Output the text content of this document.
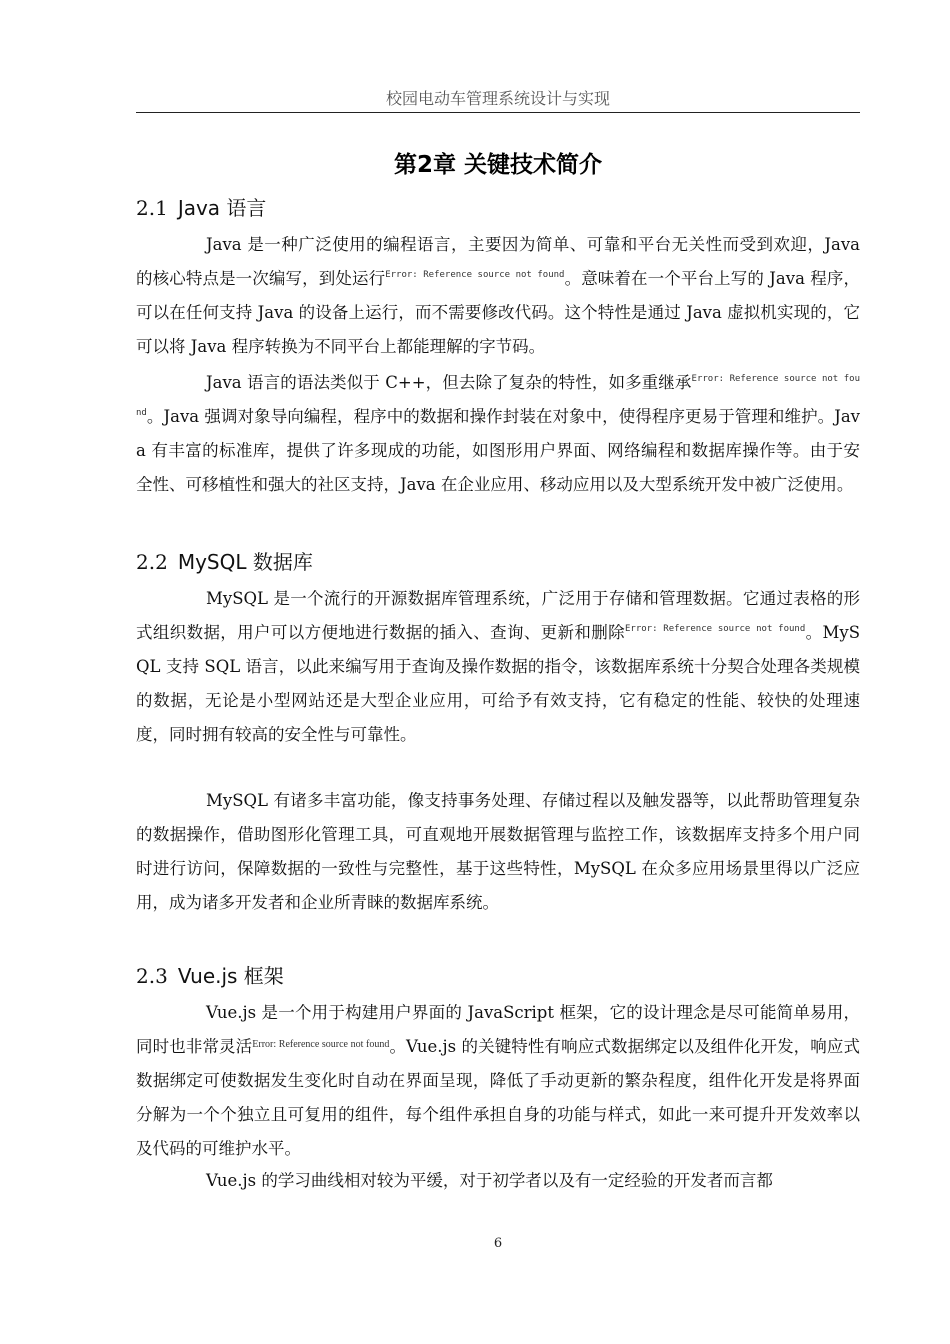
校园电动车管理系统设计与实现
第2章 关键技术简介
2.1 Java 语言

Java 是一种广泛使用的编程语言，主要因为简单、可靠和平台无关性而受到欢迎，Java 的核心特点是一次编写，到处运行$^{Error: Reference source not found}$。意味着在一个平台上写的 Java 程序，可以在任何支持 Java 的设备上运行，而不需要修改代码。这个特性是通过 Java 虚拟机实现的，它可以将 Java 程序转换为不同平台上都能理解的字节码。

Java 语言的语法类似于 C++，但去除了复杂的特性，如多重继承$^{Error: Reference source not found}$。Java 强调对象导向编程，程序中的数据和操作封装在对象中，使得程序更易于管理和维护。Java 有丰富的标准库，提供了许多现成的功能，如图形用户界面、网络编程和数据库操作等。由于安全性、可移植性和强大的社区支持，Java 在企业应用、移动应用以及大型系统开发中被广泛使用。

2.2 MySQL 数据库

MySQL 是一个流行的开源数据库管理系统，广泛用于存储和管理数据。它通过表格的形式组织数据，用户可以方便地进行数据的插入、查询、更新和删除$^{Error: Reference source not found}$。MySQL 支持 SQL 语言，以此来编写用于查询及操作数据的指令，该数据库系统十分契合处理各类规模的数据，无论是小型网站还是大型企业应用，可给予有效支持，它有稳定的性能、较快的处理速度，同时拥有较高的安全性与可靠性。

MySQL 有诸多丰富功能，像支持事务处理、存储过程以及触发器等，以此帮助管理复杂的数据操作，借助图形化管理工具，可直观地开展数据管理与监控工作，该数据库支持多个用户同时进行访问，保障数据的一致性与完整性，基于这些特性，MySQL 在众多应用场景里得以广泛应用，成为诸多开发者和企业所青睐的数据库系统。

2.3 Vue.js 框架

Vue.js 是一个用于构建用户界面的 JavaScript 框架，它的设计理念是尽可能简单易用，同时也非常灵活$^{Error: Reference source not found}$。Vue.js 的关键特性有响应式数据绑定以及组件化开发，响应式数据绑定可使数据发生变化时自动在界面呈现，降低了手动更新的繁杂程度，组件化开发是将界面分解为一个个独立且可复用的组件，每个组件承担自身的功能与样式，如此一来可提升开发效率以及代码的可维护水平。

Vue.js 的学习曲线相对较为平缓，对于初学者以及有一定经验的开发者而言都

6
